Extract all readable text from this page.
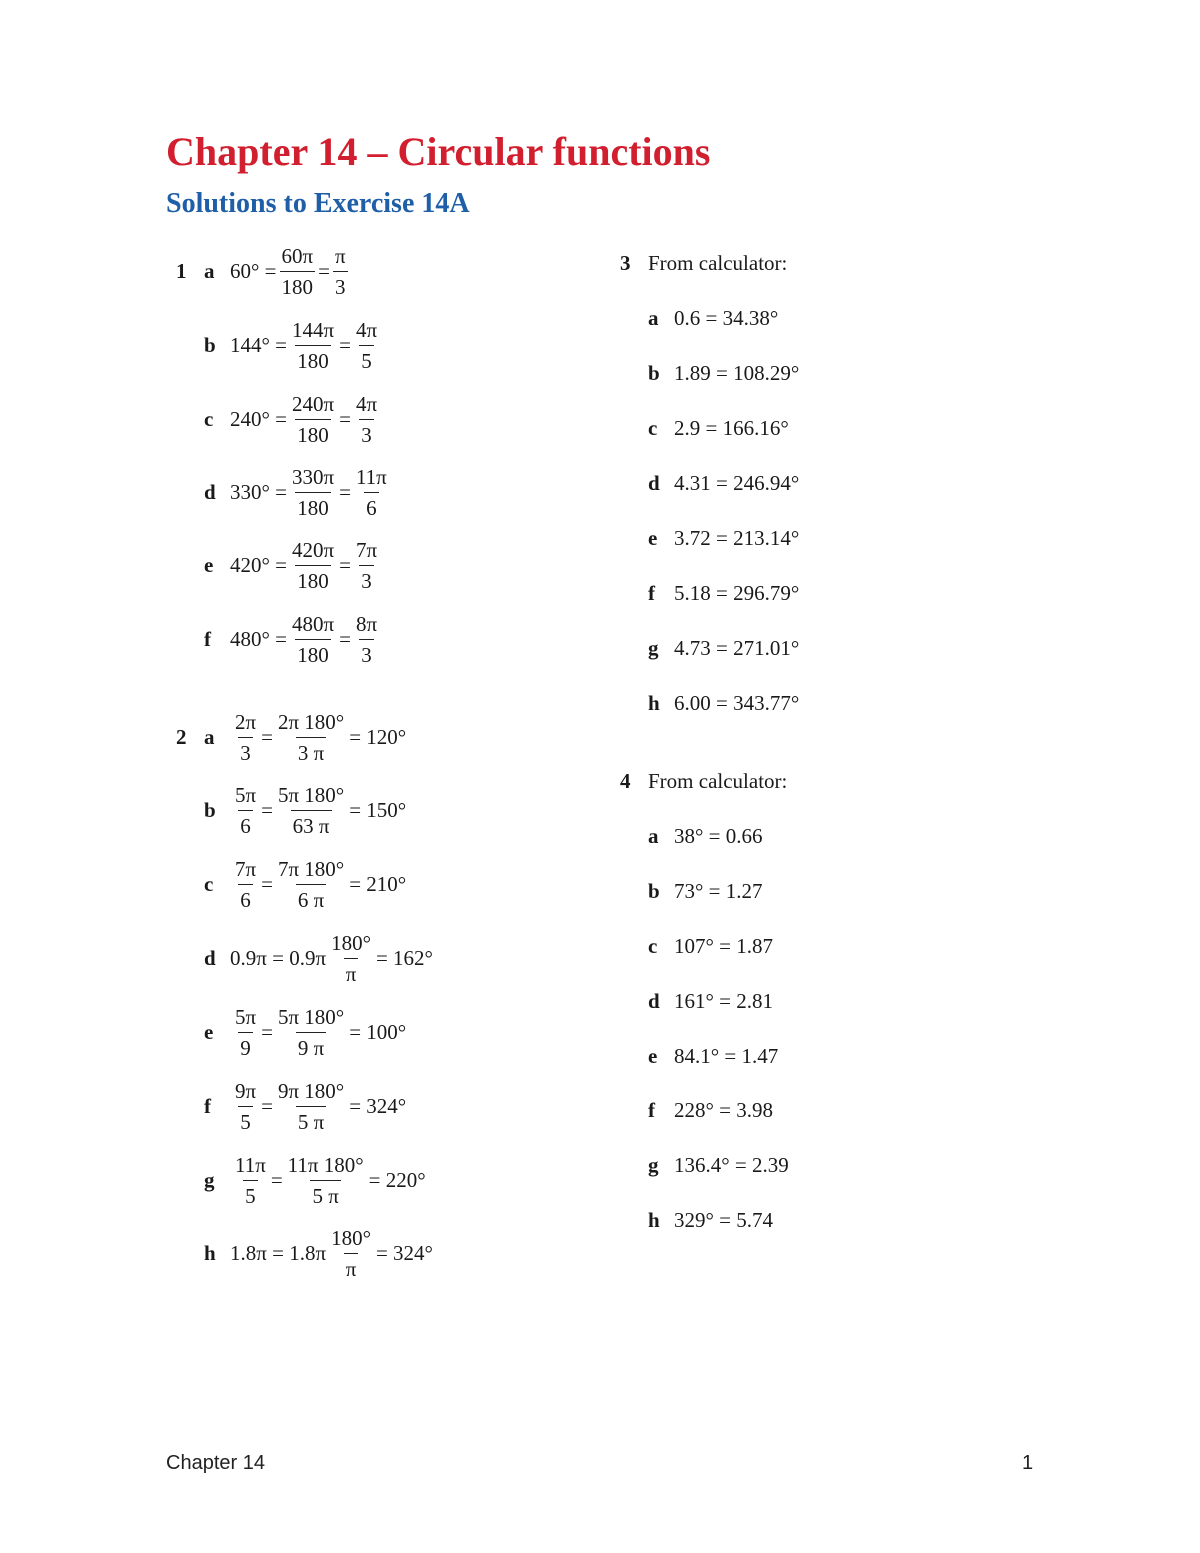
Chapter 14 – Circular functions
Solutions to Exercise 14A
1 a $60^\circ = \frac{60\pi}{180} = \frac{\pi}{3}$
b $144^\circ = \frac{144\pi}{180} = \frac{4\pi}{5}$
c $240^\circ = \frac{240\pi}{180} = \frac{4\pi}{3}$
d $330^\circ = \frac{330\pi}{180} = \frac{11\pi}{6}$
e $420^\circ = \frac{420\pi}{180} = \frac{7\pi}{3}$
f $480^\circ = \frac{480\pi}{180} = \frac{8\pi}{3}$
2 a $\frac{2\pi}{3} = \frac{2\pi 180^\circ}{3 \pi} = 120^\circ$
b $\frac{5\pi}{6} = \frac{5\pi 180^\circ}{63 \pi} = 150^\circ$
c $\frac{7\pi}{6} = \frac{7\pi 180^\circ}{6 \pi} = 210^\circ$
d $0.9\pi = 0.9\pi \frac{180^\circ}{\pi} = 162^\circ$
e $\frac{5\pi}{9} = \frac{5\pi 180^\circ}{9 \pi} = 100^\circ$
f	$\frac{9\pi}{5} = \frac{9\pi 180^\circ}{5 \pi} = 324^\circ$
g $\frac{11\pi}{5} = \frac{11\pi 180^\circ}{5 \pi} = 220^\circ$
h $1.8\pi = 1.8\pi \frac{180^\circ}{\pi} = 324^\circ$
3 From calculator:
a 0.6 = 34.38°
b 1.89 = 108.29°
c 2.9 = 166.16°
d 4.31 = 246.94°
e 3.72 = 213.14°
f 5.18 = 296.79°
g 4.73 = 271.01°
h 6.00 = 343.77°
4 From calculator:
a 38° = 0.66
b 73° = 1.27
c 107° = 1.87
d 161° = 2.81
e 84.1° = 1.47
f 228° = 3.98
g 136.4° = 2.39
h 329° = 5.74
Chapter 14	1
